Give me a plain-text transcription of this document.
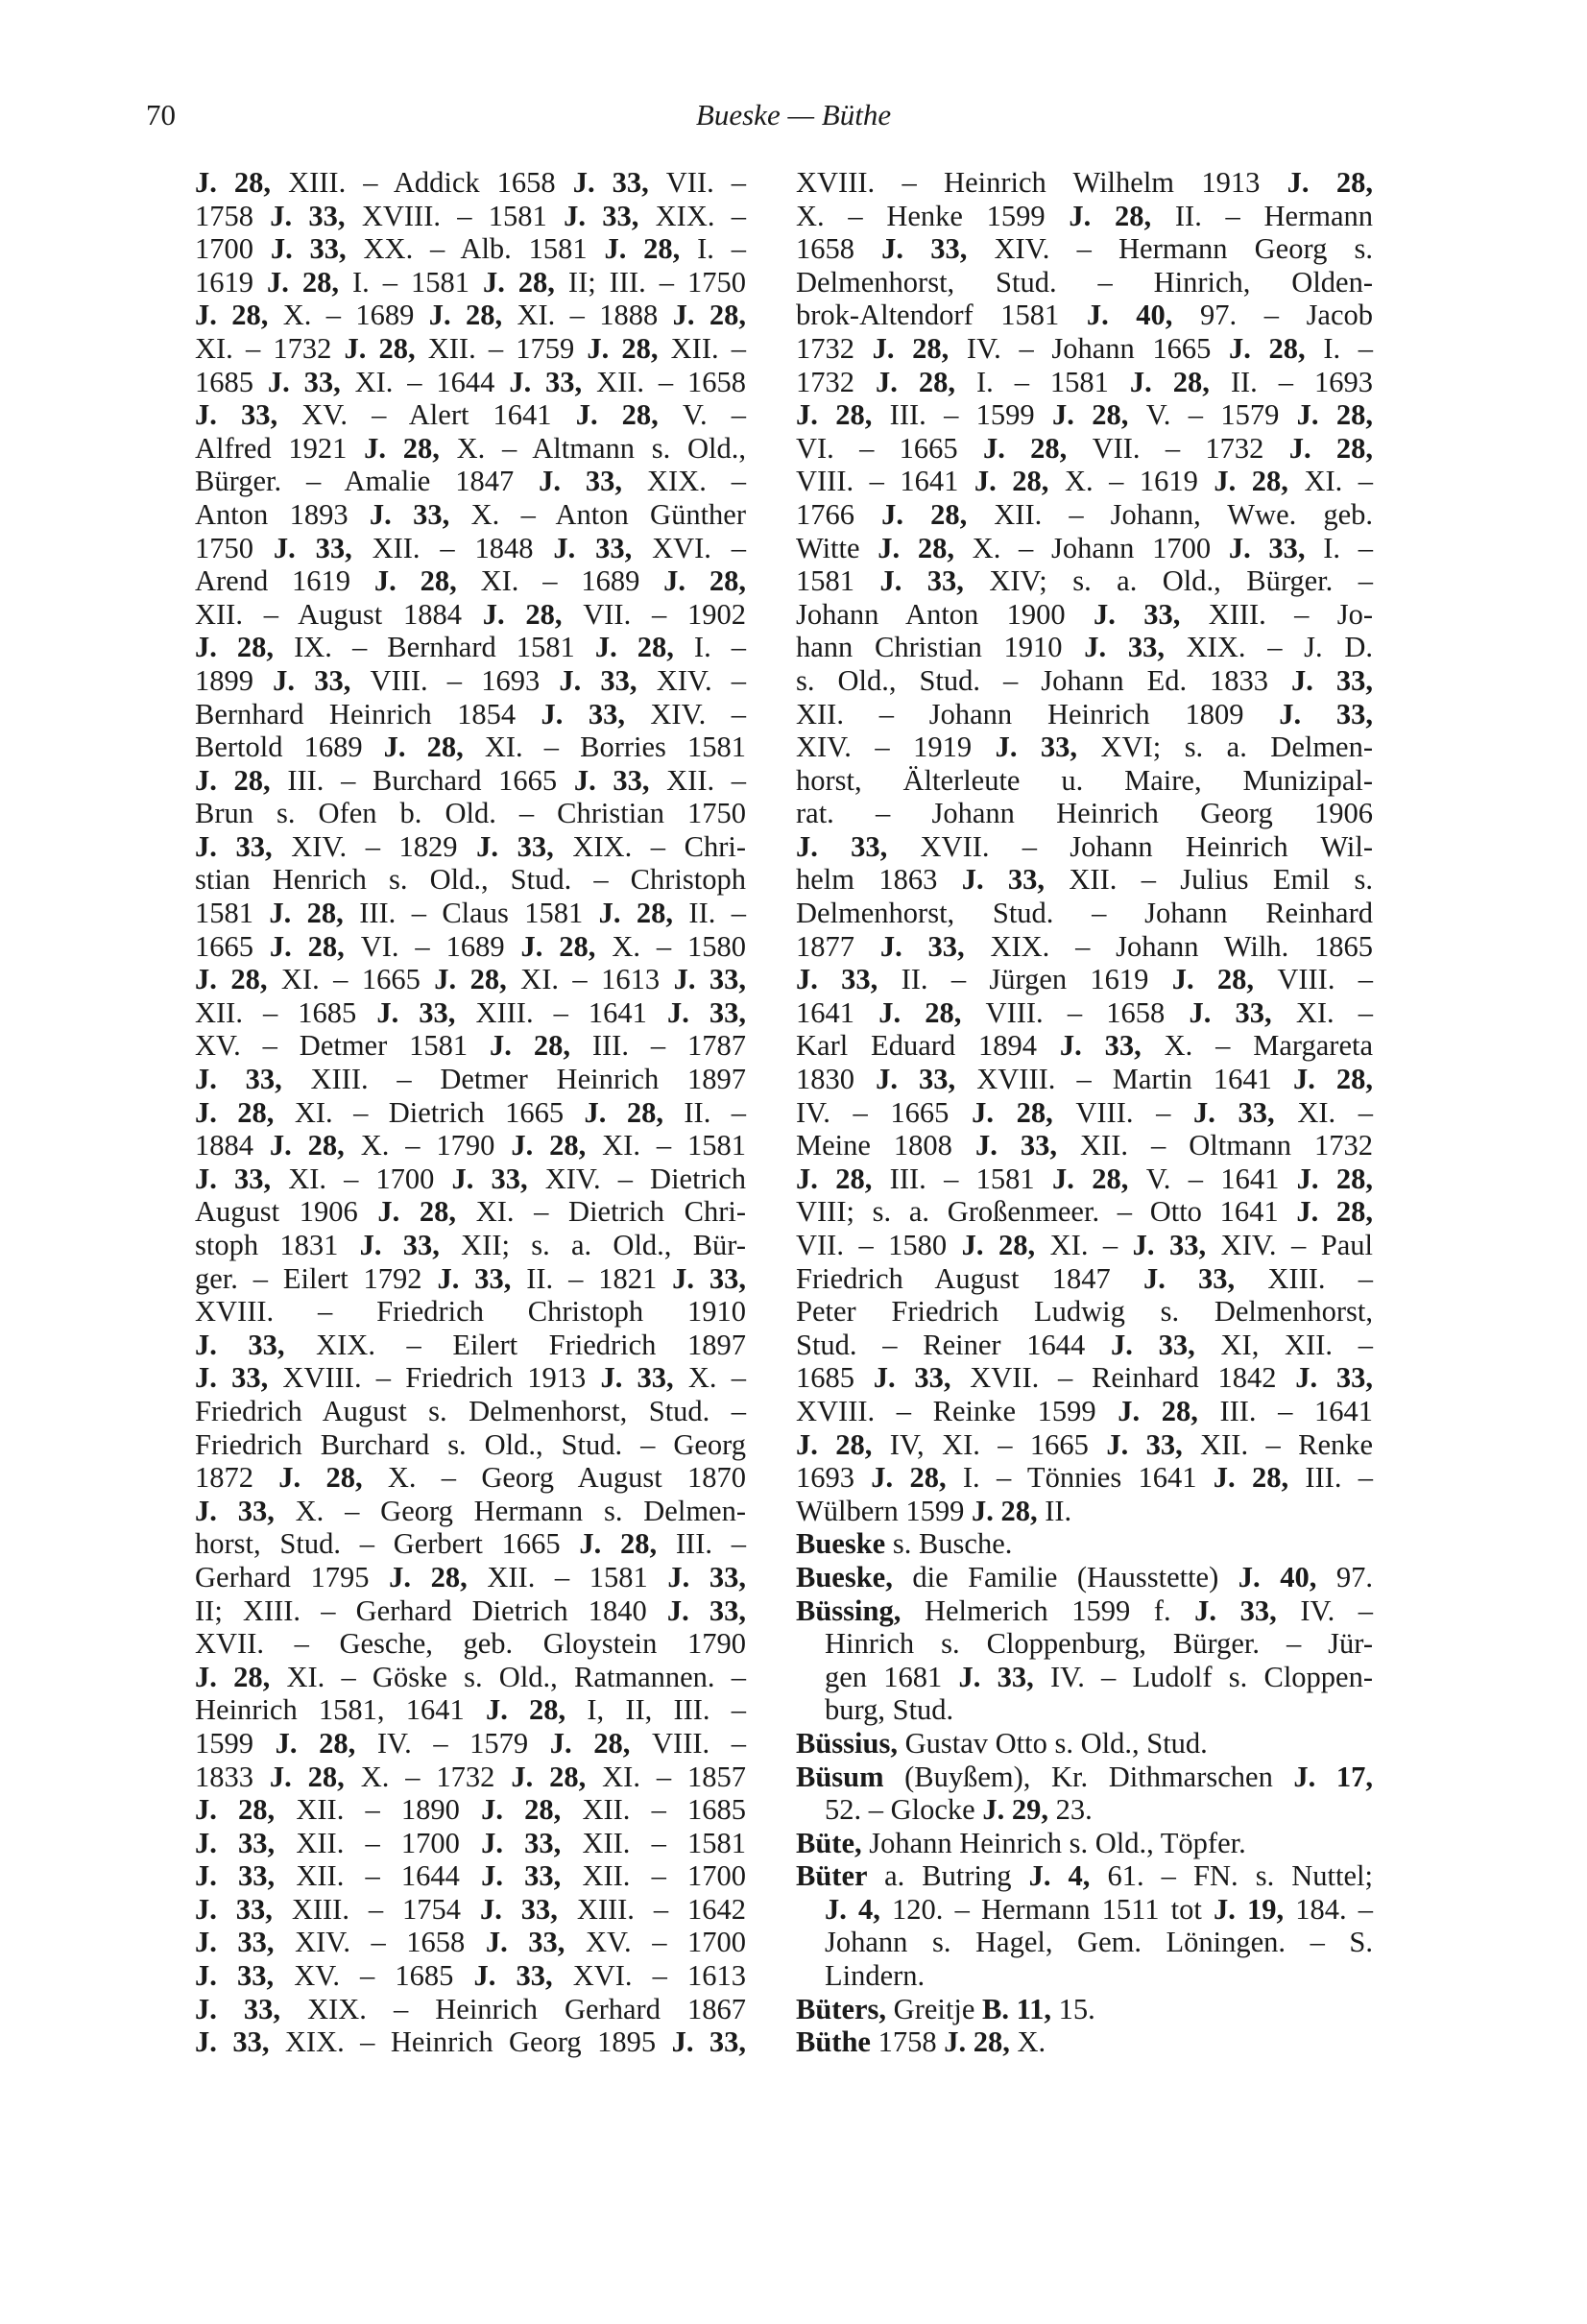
70	Bueske — Büthe
J. 28, XIII. – Addick 1658 J. 33, VII. –
1758 J. 33, XVIII. – 1581 J. 33, XIX. –
1700 J. 33, XX. – Alb. 1581 J. 28, I. –
1619 J. 28, I. – 1581 J. 28, II; III. – 1750
J. 28, X. – 1689 J. 28, XI. – 1888 J. 28,
XI. – 1732 J. 28, XII. – 1759 J. 28, XII. –
1685 J. 33, XI. – 1644 J. 33, XII. – 1658
J. 33, XV. – Alert 1641 J. 28, V. –
Alfred 1921 J. 28, X. – Altmann s. Old.,
Bürger. – Amalie 1847 J. 33, XIX. –
Anton 1893 J. 33, X. – Anton Günther
1750 J. 33, XII. – 1848 J. 33, XVI. –
Arend 1619 J. 28, XI. – 1689 J. 28,
XII. – August 1884 J. 28, VII. – 1902
J. 28, IX. – Bernhard 1581 J. 28, I. –
1899 J. 33, VIII. – 1693 J. 33, XIV. –
Bernhard Heinrich 1854 J. 33, XIV. –
Bertold 1689 J. 28, XI. – Borries 1581
J. 28, III. – Burchard 1665 J. 33, XII. –
Brun s. Ofen b. Old. – Christian 1750
J. 33, XIV. – 1829 J. 33, XIX. – Chri-
stian Henrich s. Old., Stud. – Christoph
1581 J. 28, III. – Claus 1581 J. 28, II. –
1665 J. 28, VI. – 1689 J. 28, X. – 1580
J. 28, XI. – 1665 J. 28, XI. – 1613 J. 33,
XII. – 1685 J. 33, XIII. – 1641 J. 33,
XV. – Detmer 1581 J. 28, III. – 1787
J. 33, XIII. – Detmer Heinrich 1897
J. 28, XI. – Dietrich 1665 J. 28, II. –
1884 J. 28, X. – 1790 J. 28, XI. – 1581
J. 33, XI. – 1700 J. 33, XIV. – Dietrich
August 1906 J. 28, XI. – Dietrich Chri-
stoph 1831 J. 33, XII; s. a. Old., Bür-
ger. – Eilert 1792 J. 33, II. – 1821 J. 33,
XVIII. – Friedrich Christoph 1910
J. 33, XIX. – Eilert Friedrich 1897
J. 33, XVIII. – Friedrich 1913 J. 33, X. –
Friedrich August s. Delmenhorst, Stud. –
Friedrich Burchard s. Old., Stud. – Georg
1872 J. 28, X. – Georg August 1870
J. 33, X. – Georg Hermann s. Delmen-
horst, Stud. – Gerbert 1665 J. 28, III. –
Gerhard 1795 J. 28, XII. – 1581 J. 33,
II; XIII. – Gerhard Dietrich 1840 J. 33,
XVII. – Gesche, geb. Gloystein 1790
J. 28, XI. – Göske s. Old., Ratmannen. –
Heinrich 1581, 1641 J. 28, I, II, III. –
1599 J. 28, IV. – 1579 J. 28, VIII. –
1833 J. 28, X. – 1732 J. 28, XI. – 1857
J. 28, XII. – 1890 J. 28, XII. – 1685
J. 33, XII. – 1700 J. 33, XII. – 1581
J. 33, XII. – 1644 J. 33, XII. – 1700
J. 33, XIII. – 1754 J. 33, XIII. – 1642
J. 33, XIV. – 1658 J. 33, XV. – 1700
J. 33, XV. – 1685 J. 33, XVI. – 1613
J. 33, XIX. – Heinrich Gerhard 1867
J. 33, XIX. – Heinrich Georg 1895 J. 33,
XVIII. – Heinrich Wilhelm 1913 J. 28,
X. – Henke 1599 J. 28, II. – Hermann
1658 J. 33, XIV. – Hermann Georg s.
Delmenhorst, Stud. – Hinrich, Olden-
brok-Altendorf 1581 J. 40, 97. – Jacob
1732 J. 28, IV. – Johann 1665 J. 28, I. –
1732 J. 28, I. – 1581 J. 28, II. – 1693
J. 28, III. – 1599 J. 28, V. – 1579 J. 28,
VI. – 1665 J. 28, VII. – 1732 J. 28,
VIII. – 1641 J. 28, X. – 1619 J. 28, XI. –
1766 J. 28, XII. – Johann, Wwe. geb.
Witte J. 28, X. – Johann 1700 J. 33, I. –
1581 J. 33, XIV; s. a. Old., Bürger. –
Johann Anton 1900 J. 33, XIII. – Jo-
hann Christian 1910 J. 33, XIX. – J. D.
s. Old., Stud. – Johann Ed. 1833 J. 33,
XII. – Johann Heinrich 1809 J. 33,
XIV. – 1919 J. 33, XVI; s. a. Delmen-
horst, Älterleute u. Maire, Munizipal-
rat. – Johann Heinrich Georg 1906
J. 33, XVII. – Johann Heinrich Wil-
helm 1863 J. 33, XII. – Julius Emil s.
Delmenhorst, Stud. – Johann Reinhard
1877 J. 33, XIX. – Johann Wilh. 1865
J. 33, II. – Jürgen 1619 J. 28, VIII. –
1641 J. 28, VIII. – 1658 J. 33, XI. –
Karl Eduard 1894 J. 33, X. – Margareta
1830 J. 33, XVIII. – Martin 1641 J. 28,
IV. – 1665 J. 28, VIII. – J. 33, XI. –
Meine 1808 J. 33, XII. – Oltmann 1732
J. 28, III. – 1581 J. 28, V. – 1641 J. 28,
VIII; s. a. Großenmeer. – Otto 1641 J. 28,
VII. – 1580 J. 28, XI. – J. 33, XIV. – Paul
Friedrich August 1847 J. 33, XIII. –
Peter Friedrich Ludwig s. Delmenhorst,
Stud. – Reiner 1644 J. 33, XI, XII. –
1685 J. 33, XVII. – Reinhard 1842 J. 33,
XVIII. – Reinke 1599 J. 28, III. – 1641
J. 28, IV, XI. – 1665 J. 33, XII. – Renke
1693 J. 28, I. – Tönnies 1641 J. 28, III. –
Wülbern 1599 J. 28, II.
Bueske s. Busche.
Bueske, die Familie (Hausstette) J. 40, 97.
Büssing, Helmerich 1599 f. J. 33, IV. –
Hinrich s. Cloppenburg, Bürger. – Jür-
gen 1681 J. 33, IV. – Ludolf s. Cloppen-
burg, Stud.
Büssius, Gustav Otto s. Old., Stud.
Büsum (Buyßem), Kr. Dithmarschen J. 17,
52. – Glocke J. 29, 23.
Büte, Johann Heinrich s. Old., Töpfer.
Büter a. Butring J. 4, 61. – FN. s. Nuttel;
J. 4, 120. – Hermann 1511 tot J. 19, 184. –
Johann s. Hagel, Gem. Löningen. – S.
Lindern.
Büters, Greitje B. 11, 15.
Büthe 1758 J. 28, X.
